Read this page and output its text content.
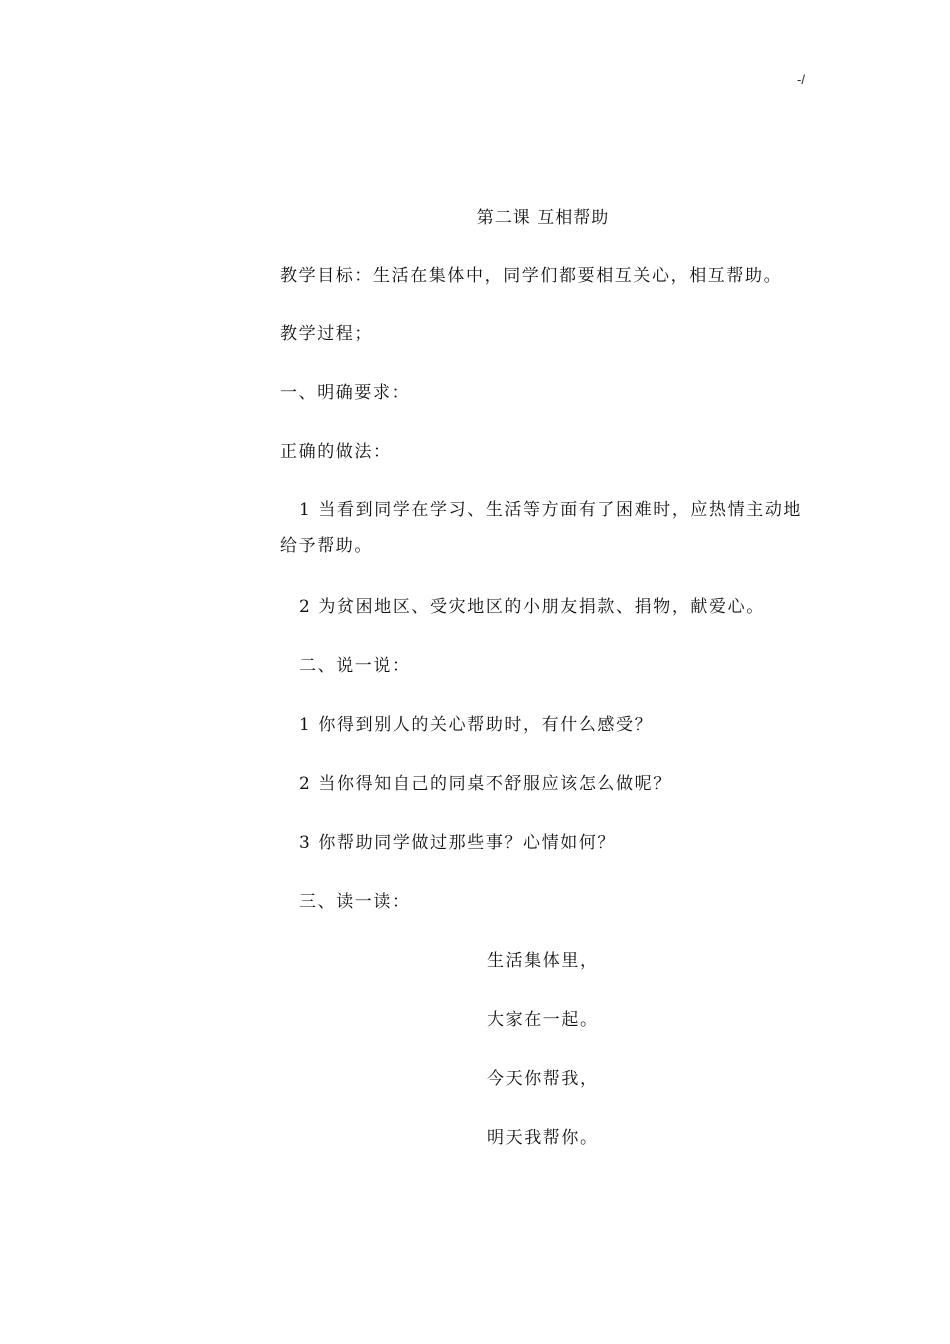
-/
第二课 互相帮助
教学目标：生活在集体中，同学们都要相互关心，相互帮助。
教学过程；
一、明确要求：
正确的做法：
1 当看到同学在学习、生活等方面有了困难时，应热情主动地给予帮助。
2 为贫困地区、受灾地区的小朋友捐款、捐物，献爱心。
二、说一说：
1 你得到别人的关心帮助时，有什么感受？
2 当你得知自己的同桌不舒服应该怎么做呢？
3 你帮助同学做过那些事？心情如何？
三、读一读：
生活集体里，
大家在一起。
今天你帮我，
明天我帮你。
